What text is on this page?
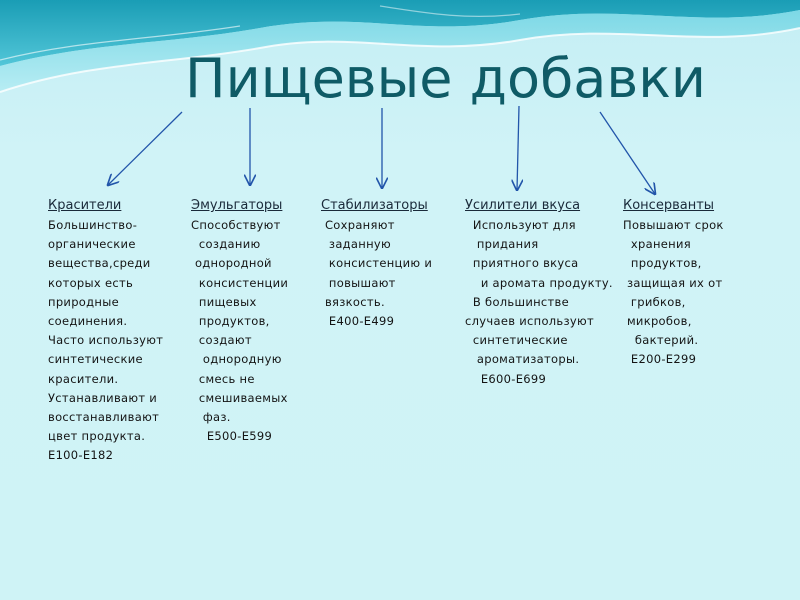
Пищевые добавки
Красители
Большинство-
органические
вещества,среди
которых есть
природные
соединения.
Часто используют
синтетические
красители.
Устанавливают и
восстанавливают
цвет продукта.
Е100-Е182
Эмульгаторы
Способствуют
созданию
однородной
консистенции
пищевых
продуктов,
создают
однородную
смесь не
смешиваемых
фаз.
Е500-Е599
Стабилизаторы
Сохраняют
заданную
консистенцию и
повышают
вязкость.
Е400-Е499
Усилители вкуса
Используют для
придания
приятного вкуса
и аромата продукту.
В большинстве
случаев используют
синтетические
ароматизаторы.
Е600-Е699
Консерванты
Повышают срок
хранения
продуктов,
защищая их от
грибков,
микробов,
бактерий.
Е200-Е299
